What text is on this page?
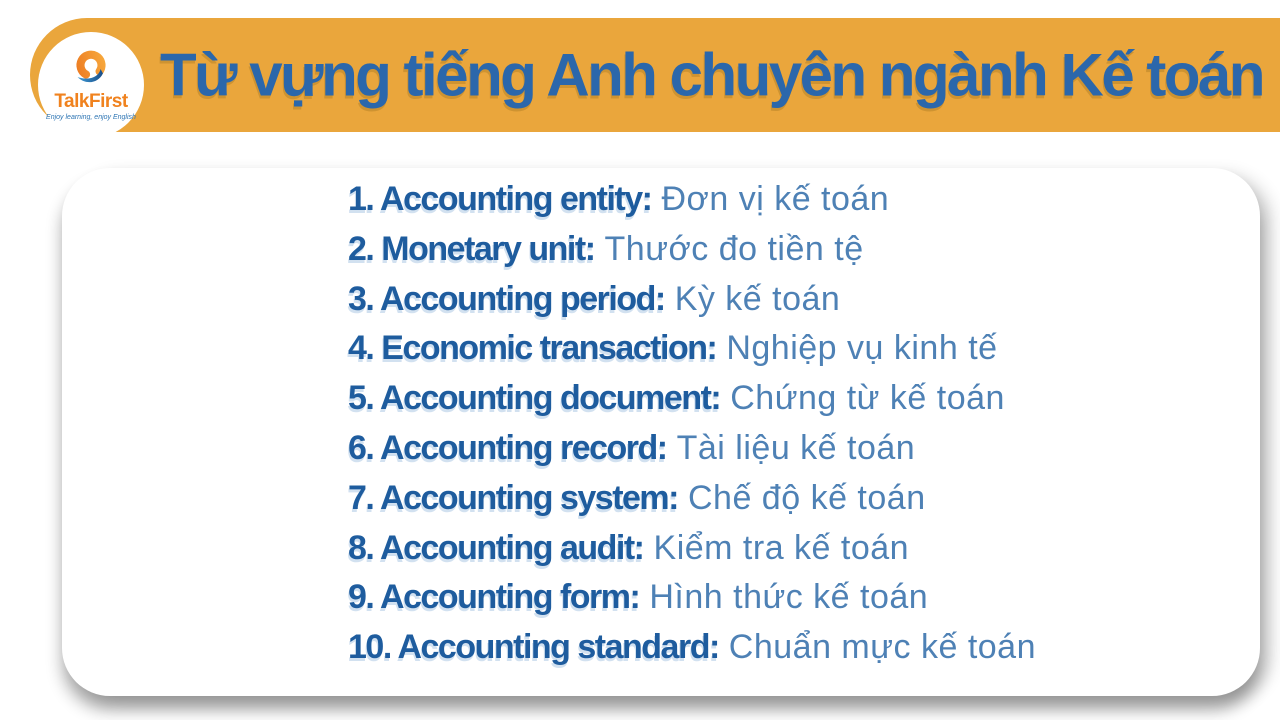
Từ vựng tiếng Anh chuyên ngành Kế toán
TalkFirst
Enjoy learning, enjoy English
1. Accounting entity: Đơn vị kế toán
2. Monetary unit: Thước đo tiền tệ
3. Accounting period: Kỳ kế toán
4. Economic transaction: Nghiệp vụ kinh tế
5. Accounting document: Chứng từ kế toán
6. Accounting record: Tài liệu kế toán
7. Accounting system: Chế độ kế toán
8. Accounting audit: Kiểm tra kế toán
9. Accounting form: Hình thức kế toán
10. Accounting standard: Chuẩn mực kế toán
